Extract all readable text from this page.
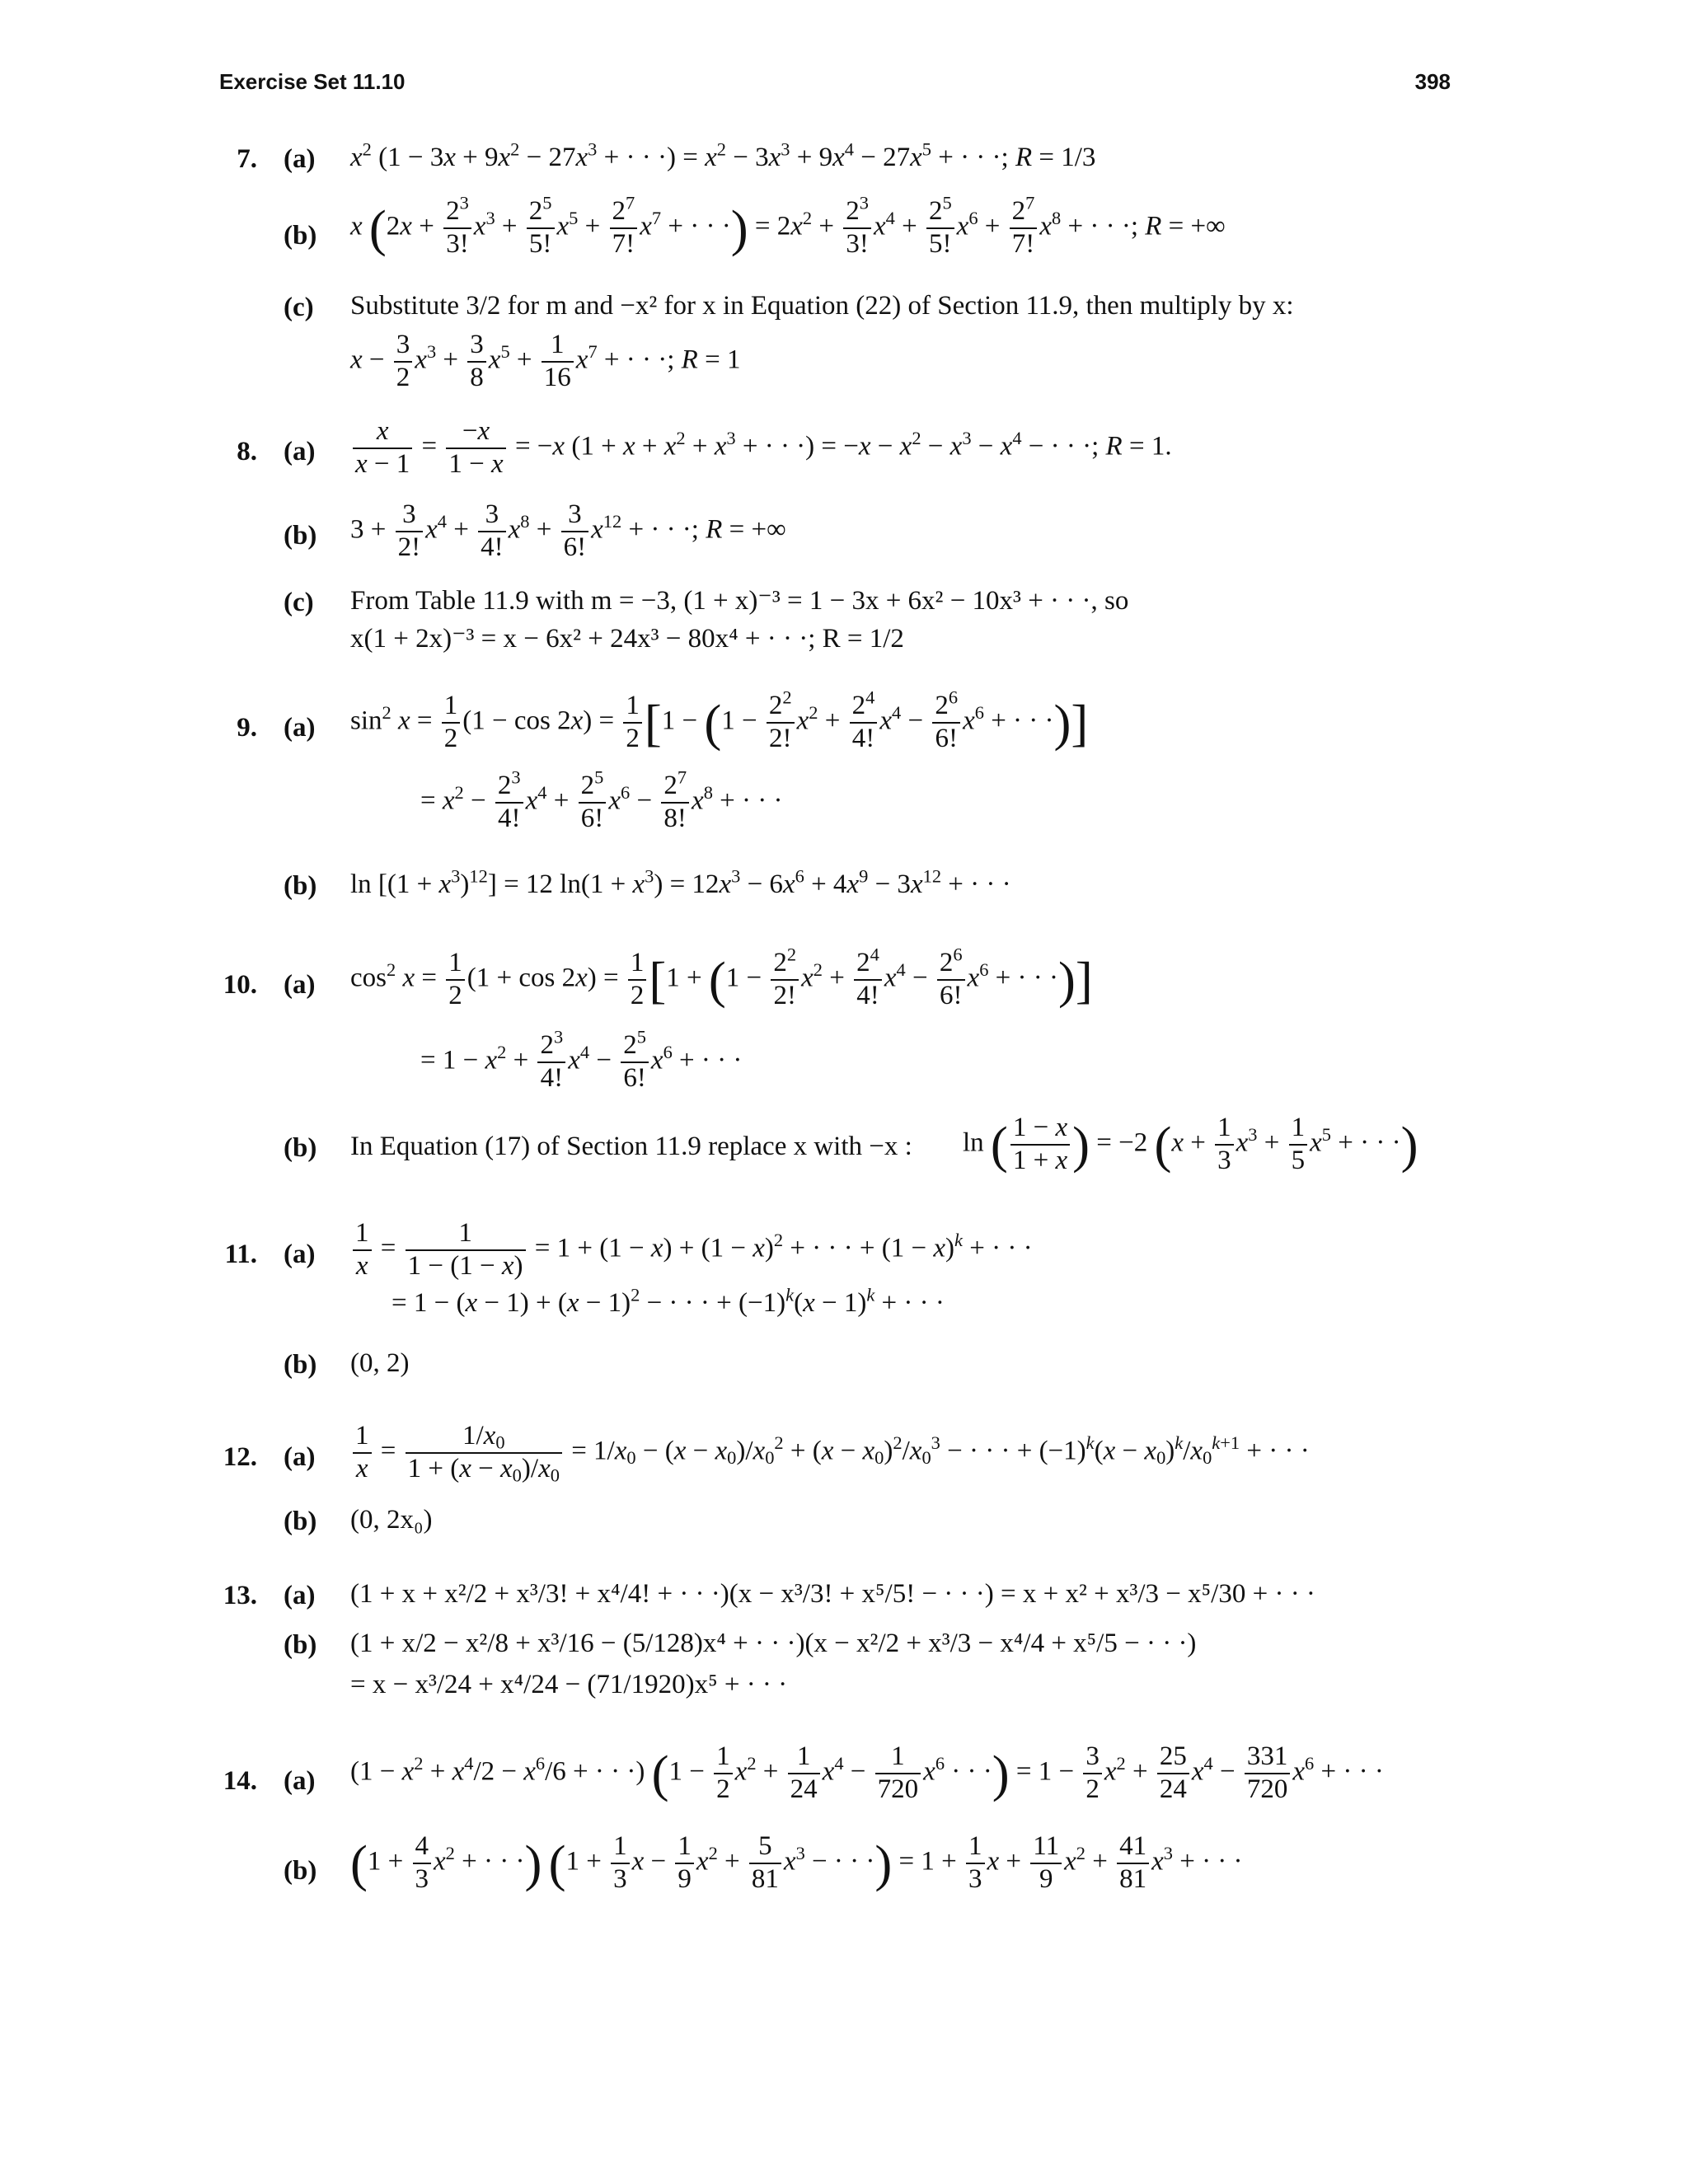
Exercise Set 11.10	398
7. (a) $x^2$ ($1 - 3x + 9x^2 - 27x^3$ + · · ·) = $x^2 - 3x^3 + 9x^4 - 27x^5$ + · · ·; R = 1/3
(b) x ($2x + \frac{2^3}{3!} x^3 + \frac{2^5}{5!} x^5 + \frac{2^7}{7!} x^7$ + · · ·) = $2x^2 + \frac{2^3}{3!} x^4 + \frac{2^5}{5!} x^6 + \frac{2^7}{7!} x^8$ + · · ·; R = +∞
(c) Substitute 3/2 for m and −x² for x in Equation (22) of Section 11.9, then multiply by x:
$x - \frac{3}{2} x^3 + \frac{3}{8} x^5 + \frac{1}{16} x^7$ + · · ·; R = 1
8. $(a) \frac{x}{x - 1} = \frac{-x}{1 - x} = -x$ ($1 + x + x^2 + x^3$ + · · ·) = $-x - x^2 - x^3 - x^4$ − · · ·; R = 1.
(b) $3 + \frac{3}{2!} x^4 + \frac{3}{4!} x^8 + \frac{3}{6!} x^{12}$ + · · ·; R = +∞
(c) From Table 11.9 with m = −3, (1 + x)⁻³ = 1 − 3x + 6x² − 10x³ + · · ·, so
x(1 + 2x)⁻³ = x − 6x² + 24x³ − 80x⁴ + · · ·; R = 1/2
9. (a) $\sin^2 x = \frac{1}{2} (1 - \cos 2x) = \frac{1}{2} [1 - (1 - \frac{2^2}{2!} x^2 + \frac{2^4}{4!} x^4 - \frac{2^6}{6!} x^6$ + · · ·)]
= $x^2 - \frac{2^3}{4!} x^4 + \frac{2^5}{6!} x^6 - \frac{2^7}{8!} x^8$ + · · ·
(b) $\ln [(1 + x^3)^{12}] = 12$ $\ln(1 + x^3) = 12x^3 - 6x^6 + 4x^9 - 3x^{12}$ + · · ·
10. (a) $\cos^2 x = \frac{1}{2} (1 + \cos 2x) = \frac{1}{2} [1 + (1 - \frac{2^2}{2!} x^2 + \frac{2^4}{4!} x^4 - \frac{2^6}{6!} x^6$ + · · ·)]
= $1 - x^2 + \frac{2^3}{4!} x^4 - \frac{2^5}{6!} x^6$ + · · ·
(b) In Equation (17) of Section 11.9 replace x with −x : ln ( $\frac{1 - x}{1 + x}$ ) = −2 ($x + \frac{1}{3} x^3 + \frac{1}{5} x^5$ + · · ·)
11. $(a) \frac{1}{x} = \frac{1}{1 - (1 - x)} = 1 + (1 - x) + (1 - x)^2$ + · · · + $(1 - x)^k$ + · · ·
= $1 - (x - 1) + (x - 1)^2$ − · · · + $(-1)^k(x - 1)^k$ + · · ·
(b) (0, 2)
12. $(a) \frac{1}{x} = \frac{1/x_0}{1 + (x - x_0)/x_0} = 1/x_0 - (x - x_0)/x_0^2 + (x - x_0)^2/x_0^3$ − · · · + $(-1)^k(x - x_0)^k/x_0^{k+1}$ + · · ·
(b) (0, 2x₀)
13. (a) (1 + x + x²/2 + x³/3! + x⁴/4! + · · ·)(x − x³/3! + x⁵/5! − · · ·) = x + x² + x³/3 − x⁵/30 + · · ·
(b) (1 + x/2 − x²/8 + x³/16 − (5/128)x⁴ + · · ·)(x − x²/2 + x³/3 − x⁴/4 + x⁵/5 − · · ·)
= x − x³/24 + x⁴/24 − (71/1920)x⁵ + · · ·
14. (a) ($1 - x^2 + x^4/2 - x^6/6$ + · · ·) ($1 - \frac{1}{2} x^2 + \frac{1}{24} x^4 - \frac{1}{720} x^6$ · · ·) = $1 - \frac{3}{2} x^2 + \frac{25}{24} x^4 - \frac{331}{720} x^6$ + · · ·
(b) ($1 + \frac{4}{3} x^2$ + · · ·) ($1 + \frac{1}{3}$ $x - \frac{1}{9} x^2 + \frac{5}{81} x^3$ − · · ·) = $1 + \frac{1}{3}$ $x + \frac{11}{9} x^2 + \frac{41}{81} x^3$ + · · ·
